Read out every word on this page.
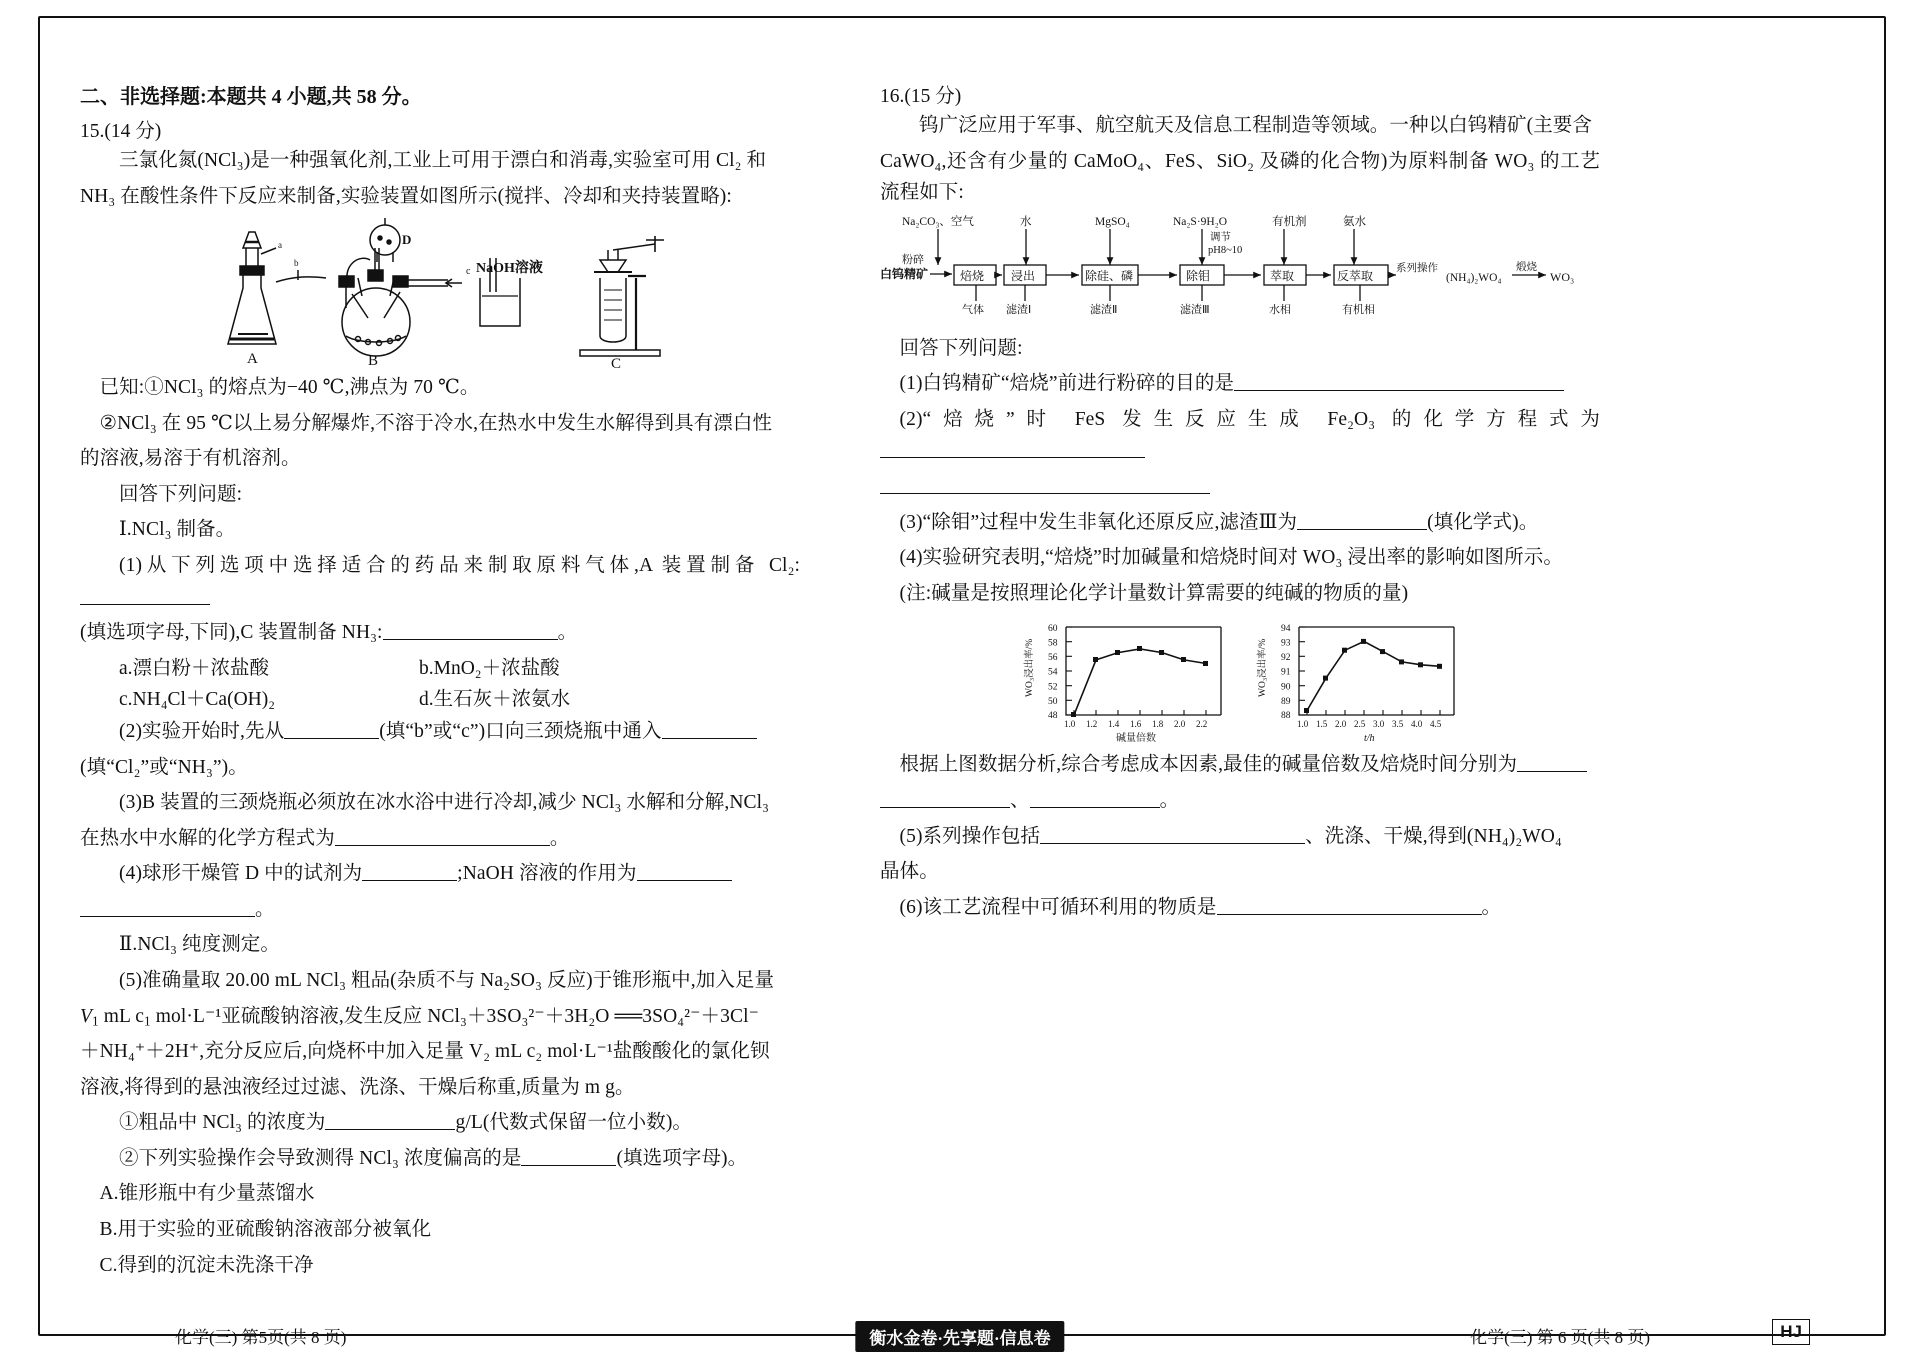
二、非选择题:本题共 4 小题,共 58 分。
15.(14 分)
三氯化氮(NCl₃)是一种强氧化剂,工业上可用于漂白和消毒,实验室可用 Cl₂ 和
NH₃ 在酸性条件下反应来制备,实验装置如图所示(搅拌、冷却和夹持装置略):
a
A
b
c
B
D
C
NaOH溶液
已知:①NCl₃ 的熔点为−40 ℃,沸点为 70 ℃。
②NCl₃ 在 95 ℃以上易分解爆炸,不溶于冷水,在热水中发生水解得到具有漂白性
的溶液,易溶于有机溶剂。
回答下列问题:
Ⅰ.NCl₃ 制备。
(1)从下列选项中选择适合的药品来制取原料气体,A 装置制备 Cl₂:
(填选项字母,下同),C 装置制备 NH₃:	。
a.漂白粉＋浓盐酸	b.MnO₂＋浓盐酸
c.NH₄Cl＋Ca(OH)₂	d.生石灰＋浓氨水
(2)实验开始时,先从	(填“b”或“c”)口向三颈烧瓶中通入
(填“Cl₂”或“NH₃”)。
(3)B 装置的三颈烧瓶必须放在冰水浴中进行冷却,减少 NCl₃ 水解和分解,NCl₃
在热水中水解的化学方程式为	。
(4)球形干燥管 D 中的试剂为	;NaOH 溶液的作用为
。
Ⅱ.NCl₃ 纯度测定。
(5)准确量取 20.00 mL NCl₃ 粗品(杂质不与 Na₂SO₃ 反应)于锥形瓶中,加入足量
$V_1$ mL $c_1$ mol·L⁻¹亚硫酸钠溶液,发生反应 NCl₃＋3SO₃²⁻＋3H₂O ══3SO₄²⁻＋3Cl⁻
＋NH₄⁺＋2H⁺,充分反应后,向烧杯中加入足量 V₂ mL c₂ mol·L⁻¹盐酸酸化的氯化钡
溶液,将得到的悬浊液经过过滤、洗涤、干燥后称重,质量为 m g。
①粗品中 NCl₃ 的浓度为	g/L(代数式保留一位小数)。
②下列实验操作会导致测得 NCl₃ 浓度偏高的是	(填选项字母)。
A.锥形瓶中有少量蒸馏水
B.用于实验的亚硫酸钠溶液部分被氧化
C.得到的沉淀未洗涤干净
16.(15 分)
钨广泛应用于军事、航空航天及信息工程制造等领域。一种以白钨精矿(主要含
CaWO₄,还含有少量的 CaMoO₄、FeS、SiO₂ 及磷的化合物)为原料制备 WO₃ 的工艺流程如下:
Na₂CO₃、空气	水	MgSO₄	Na₂S·9H₂O	有机剂	氨水
调节
pH8~10
白钨精矿
粉碎
焙烧 浸出	除硅、磷	除钼	萃取	反萃取
气体 滤渣Ⅰ	滤渣Ⅱ	滤渣Ⅲ	水相	有机相
系列操作
(NH₄)₂WO₄
煅烧
WO₃
回答下列问题:
(1)白钨精矿“焙烧”前进行粉碎的目的是
(2)“焙烧”时 FeS 发生反应生成 Fe₂O₃ 的化学方程式为
(3)“除钼”过程中发生非氧化还原反应,滤渣Ⅲ为	(填化学式)。
(4)实验研究表明,“焙烧”时加碱量和焙烧时间对 WO₃ 浸出率的影响如图所示。
(注:碱量是按照理论化学计量数计算需要的纯碱的物质的量)
60
58
56
54
52
50
48
WO₃浸出率/%
1.0 1.2 1.4 1.6 1.8 2.0 2.2
碱量倍数
94
93
92
91
90
89
88
WO₃浸出率/%
1.0 1.5 2.0 2.5 3.0 3.5 4.0 4.5
t/h
根据上图数据分析,综合考虑成本因素,最佳的碱量倍数及焙烧时间分别为
、	。
(5)系列操作包括	、洗涤、干燥,得到(NH₄)₂WO₄
晶体。
(6)该工艺流程中可循环利用的物质是	。
化学(三) 第5页(共 8 页)	衡水金卷·先享题·信息卷	化学(三) 第 6 页(共 8 页)	HJ
